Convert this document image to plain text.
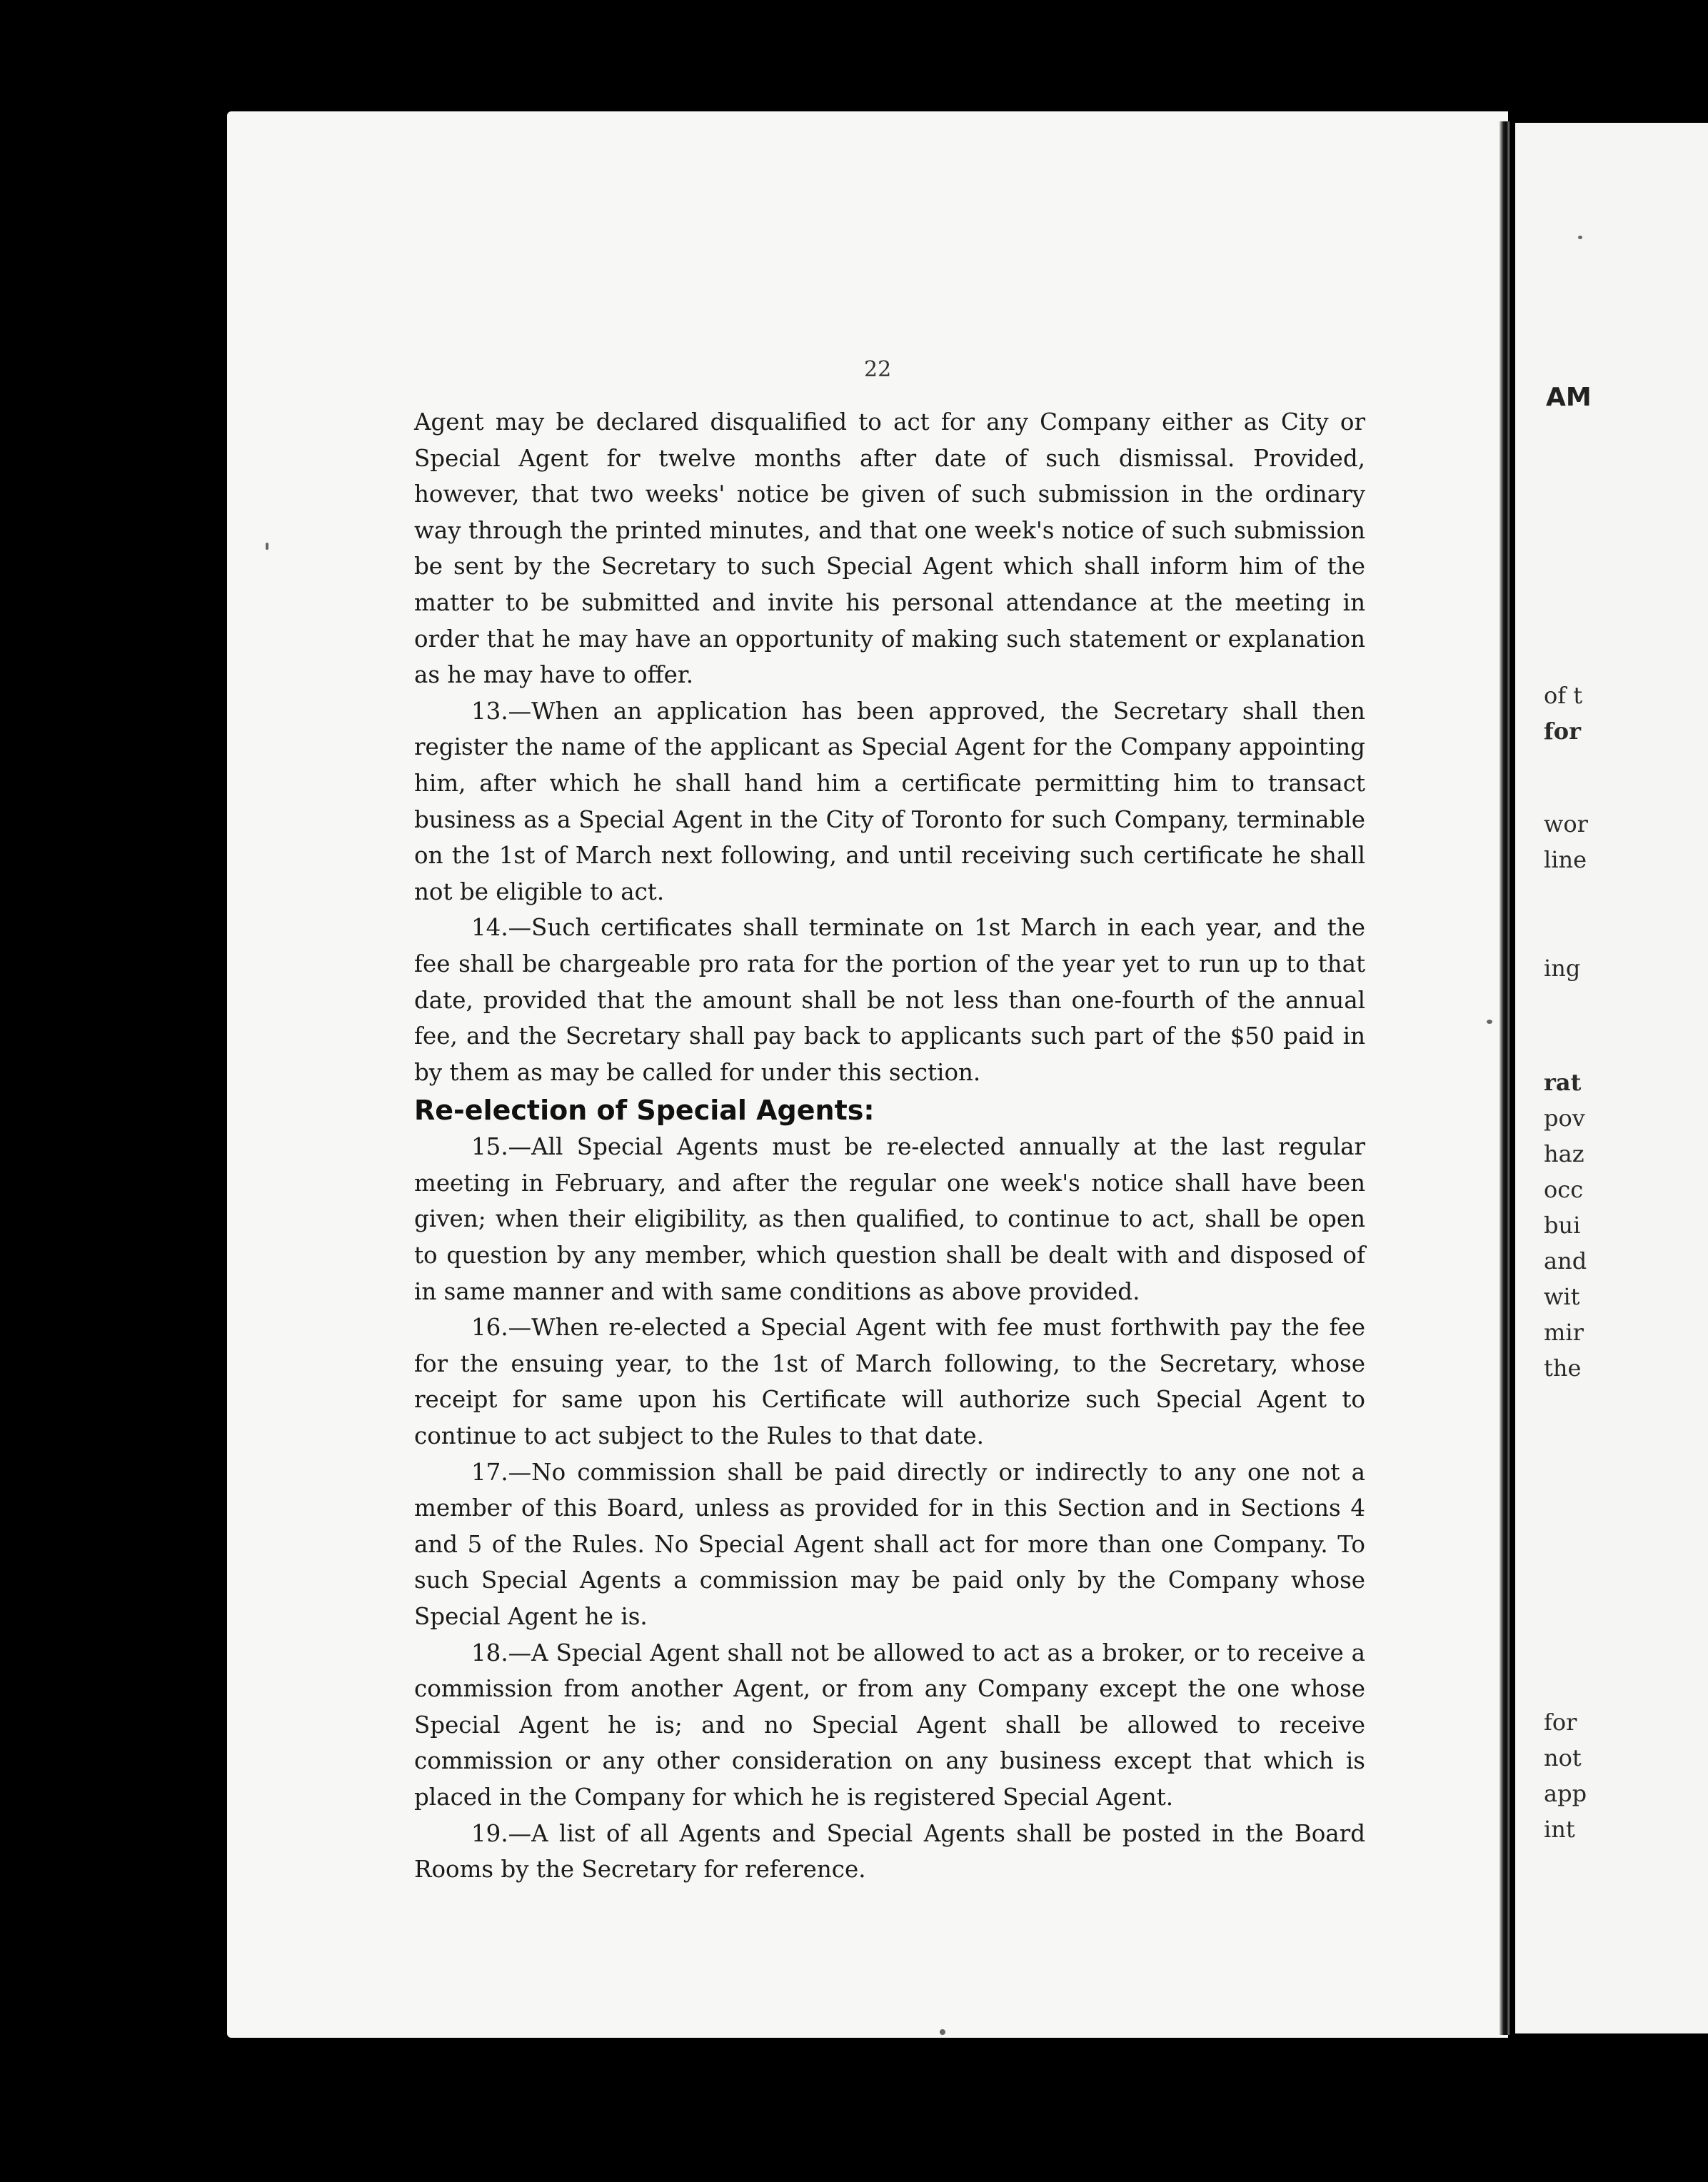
22

Agent may be declared disqualified to act for any Company either as City or Special Agent for twelve months after date of such dismissal. Provided, however, that two weeks' notice be given of such submission in the ordinary way through the printed minutes, and that one week's notice of such submission be sent by the Secretary to such Special Agent which shall inform him of the matter to be submitted and invite his personal attendance at the meeting in order that he may have an opportunity of making such statement or explanation as he may have to offer.

13.—When an application has been approved, the Secretary shall then register the name of the applicant as Special Agent for the Company appointing him, after which he shall hand him a certificate permitting him to transact business as a Special Agent in the City of Toronto for such Company, terminable on the 1st of March next following, and until receiving such certificate he shall not be eligible to act.

14.—Such certificates shall terminate on 1st March in each year, and the fee shall be chargeable pro rata for the portion of the year yet to run up to that date, provided that the amount shall be not less than one-fourth of the annual fee, and the Secretary shall pay back to applicants such part of the $50 paid in by them as may be called for under this section.

Re-election of Special Agents:

15.—All Special Agents must be re-elected annually at the last regular meeting in February, and after the regular one week's notice shall have been given; when their eligibility, as then qualified, to continue to act, shall be open to question by any member, which question shall be dealt with and disposed of in same manner and with same conditions as above provided.

16.—When re-elected a Special Agent with fee must forthwith pay the fee for the ensuing year, to the 1st of March following, to the Secretary, whose receipt for same upon his Certificate will authorize such Special Agent to continue to act subject to the Rules to that date.

17.—No commission shall be paid directly or indirectly to any one not a member of this Board, unless as provided for in this Section and in Sections 4 and 5 of the Rules. No Special Agent shall act for more than one Company. To such Special Agents a commission may be paid only by the Company whose Special Agent he is.

18.—A Special Agent shall not be allowed to act as a broker, or to receive a commission from another Agent, or from any Company except the one whose Special Agent he is; and no Special Agent shall be allowed to receive commission or any other consideration on any business except that which is placed in the Company for which he is registered Special Agent.

19.—A list of all Agents and Special Agents shall be posted in the Board Rooms by the Secretary for reference.

AM
of t
for
wor
line
ing
rat
pov
haz
occ
bui
and
wit
mir
the
for
not
app
int
